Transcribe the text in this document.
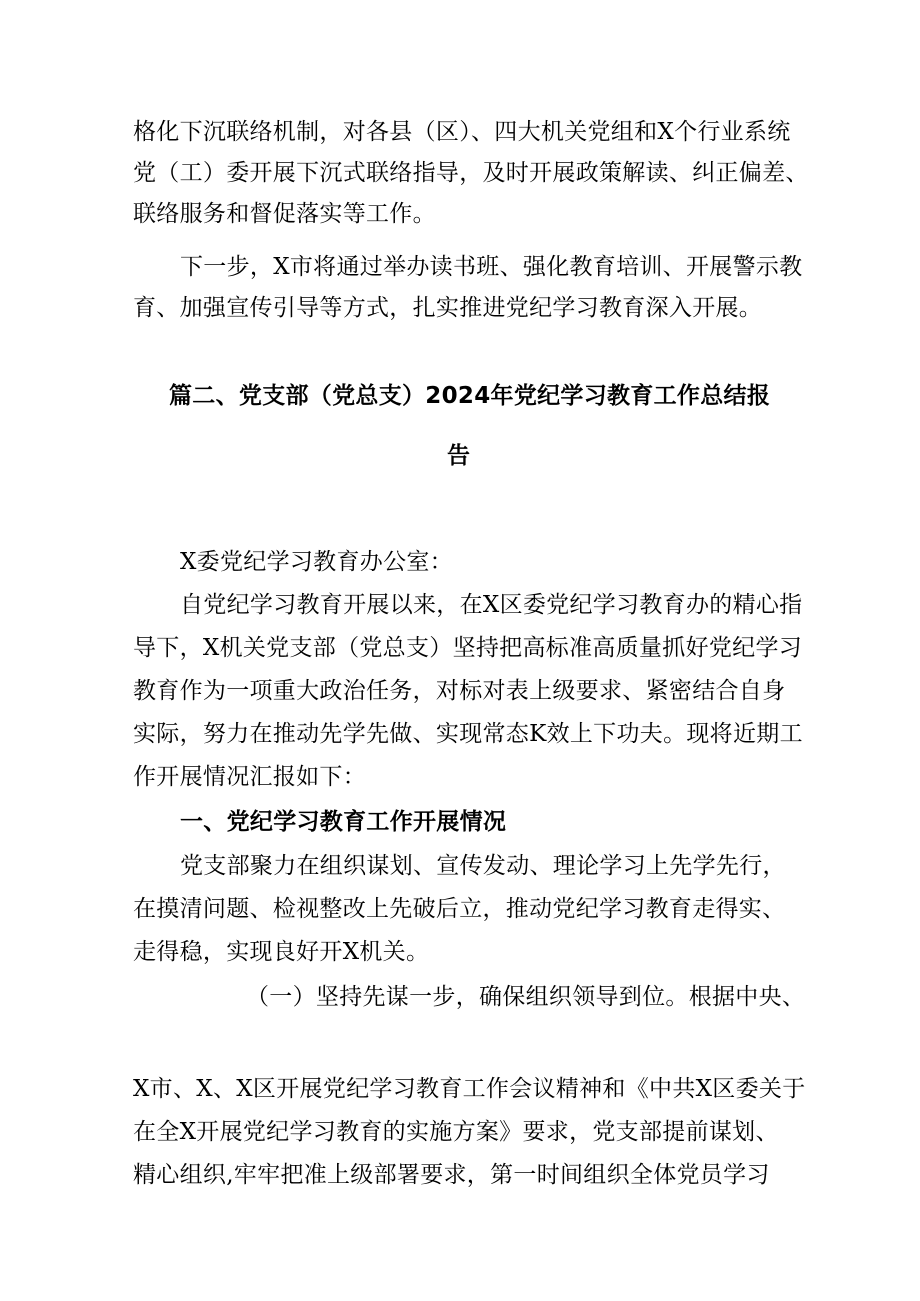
格化下沉联络机制，对各县（区）、四大机关党组和X个行业系统
党（工）委开展下沉式联络指导，及时开展政策解读、纠正偏差、
联络服务和督促落实等工作。
下一步，X市将通过举办读书班、强化教育培训、开展警示教
育、加强宣传引导等方式，扎实推进党纪学习教育深入开展。
篇二、党支部（党总支）2024年党纪学习教育工作总结报
告
X委党纪学习教育办公室：
自党纪学习教育开展以来，在X区委党纪学习教育办的精心指
导下，X机关党支部（党总支）坚持把高标准高质量抓好党纪学习
教育作为一项重大政治任务，对标对表上级要求、紧密结合自身
实际，努力在推动先学先做、实现常态K效上下功夫。现将近期工
作开展情况汇报如下：
一、党纪学习教育工作开展情况
党支部聚力在组织谋划、宣传发动、理论学习上先学先行，
在摸清问题、检视整改上先破后立，推动党纪学习教育走得实、
走得稳，实现良好开X机关。
（一）坚持先谋一步，确保组织领导到位。根据中央、
X市、X、X区开展党纪学习教育工作会议精神和《中共X区委关于
在全X开展党纪学习教育的实施方案》要求，党支部提前谋划、
精心组织,牢牢把准上级部署要求，第一时间组织全体党员学习
